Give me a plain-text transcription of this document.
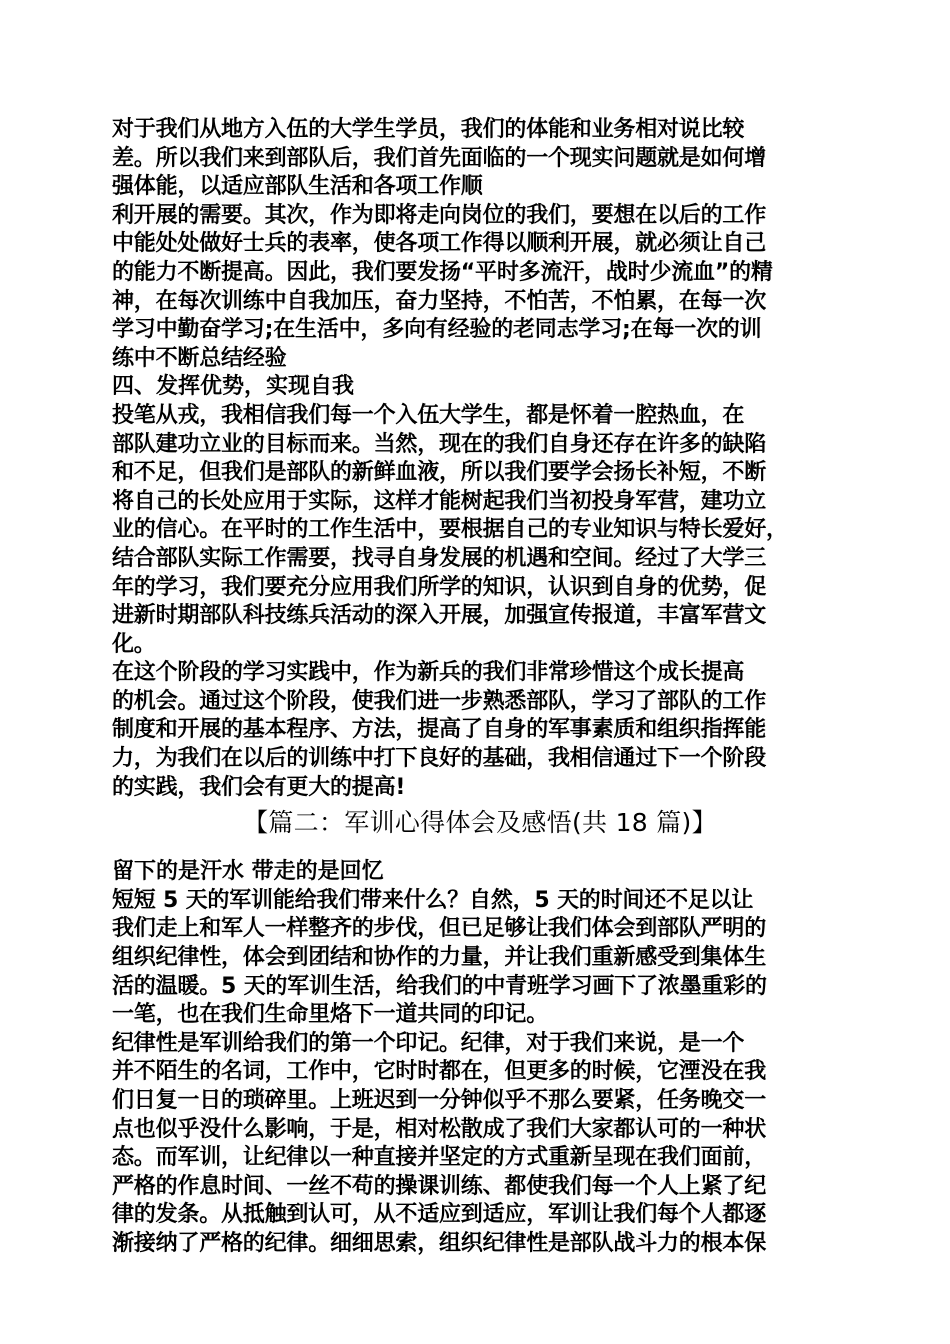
对于我们从地方入伍的大学生学员，我们的体能和业务相对说比较
差。所以我们来到部队后，我们首先面临的一个现实问题就是如何增
强体能，以适应部队生活和各项工作顺
利开展的需要。其次，作为即将走向岗位的我们，要想在以后的工作
中能处处做好士兵的表率，使各项工作得以顺利开展，就必须让自己
的能力不断提高。因此，我们要发扬“平时多流汗，战时少流血”的精
神，在每次训练中自我加压，奋力坚持，不怕苦，不怕累，在每一次
学习中勤奋学习;在生活中，多向有经验的老同志学习;在每一次的训
练中不断总结经验
四、发挥优势，实现自我
投笔从戎，我相信我们每一个入伍大学生，都是怀着一腔热血，在
部队建功立业的目标而来。当然，现在的我们自身还存在许多的缺陷
和不足，但我们是部队的新鲜血液，所以我们要学会扬长补短，不断
将自己的长处应用于实际，这样才能树起我们当初投身军营，建功立
业的信心。在平时的工作生活中，要根据自己的专业知识与特长爱好，
结合部队实际工作需要，找寻自身发展的机遇和空间。经过了大学三
年的学习，我们要充分应用我们所学的知识，认识到自身的优势，促
进新时期部队科技练兵活动的深入开展，加强宣传报道，丰富军营文
化。
在这个阶段的学习实践中，作为新兵的我们非常珍惜这个成长提高
的机会。通过这个阶段，使我们进一步熟悉部队，学习了部队的工作
制度和开展的基本程序、方法，提高了自身的军事素质和组织指挥能
力，为我们在以后的训练中打下良好的基础，我相信通过下一个阶段
的实践，我们会有更大的提高!
【篇二：军训心得体会及感悟(共 18 篇)】
留下的是汗水 带走的是回忆
短短 5 天的军训能给我们带来什么？自然，5 天的时间还不足以让
我们走上和军人一样整齐的步伐，但已足够让我们体会到部队严明的
组织纪律性，体会到团结和协作的力量，并让我们重新感受到集体生
活的温暖。5 天的军训生活，给我们的中青班学习画下了浓墨重彩的
一笔，也在我们生命里烙下一道共同的印记。
纪律性是军训给我们的第一个印记。纪律，对于我们来说，是一个
并不陌生的名词，工作中，它时时都在，但更多的时候，它湮没在我
们日复一日的琐碎里。上班迟到一分钟似乎不那么要紧，任务晚交一
点也似乎没什么影响，于是，相对松散成了我们大家都认可的一种状
态。而军训，让纪律以一种直接并坚定的方式重新呈现在我们面前，
严格的作息时间、一丝不苟的操课训练、都使我们每一个人上紧了纪
律的发条。从抵触到认可，从不适应到适应，军训让我们每个人都逐
渐接纳了严格的纪律。细细思索，组织纪律性是部队战斗力的根本保
